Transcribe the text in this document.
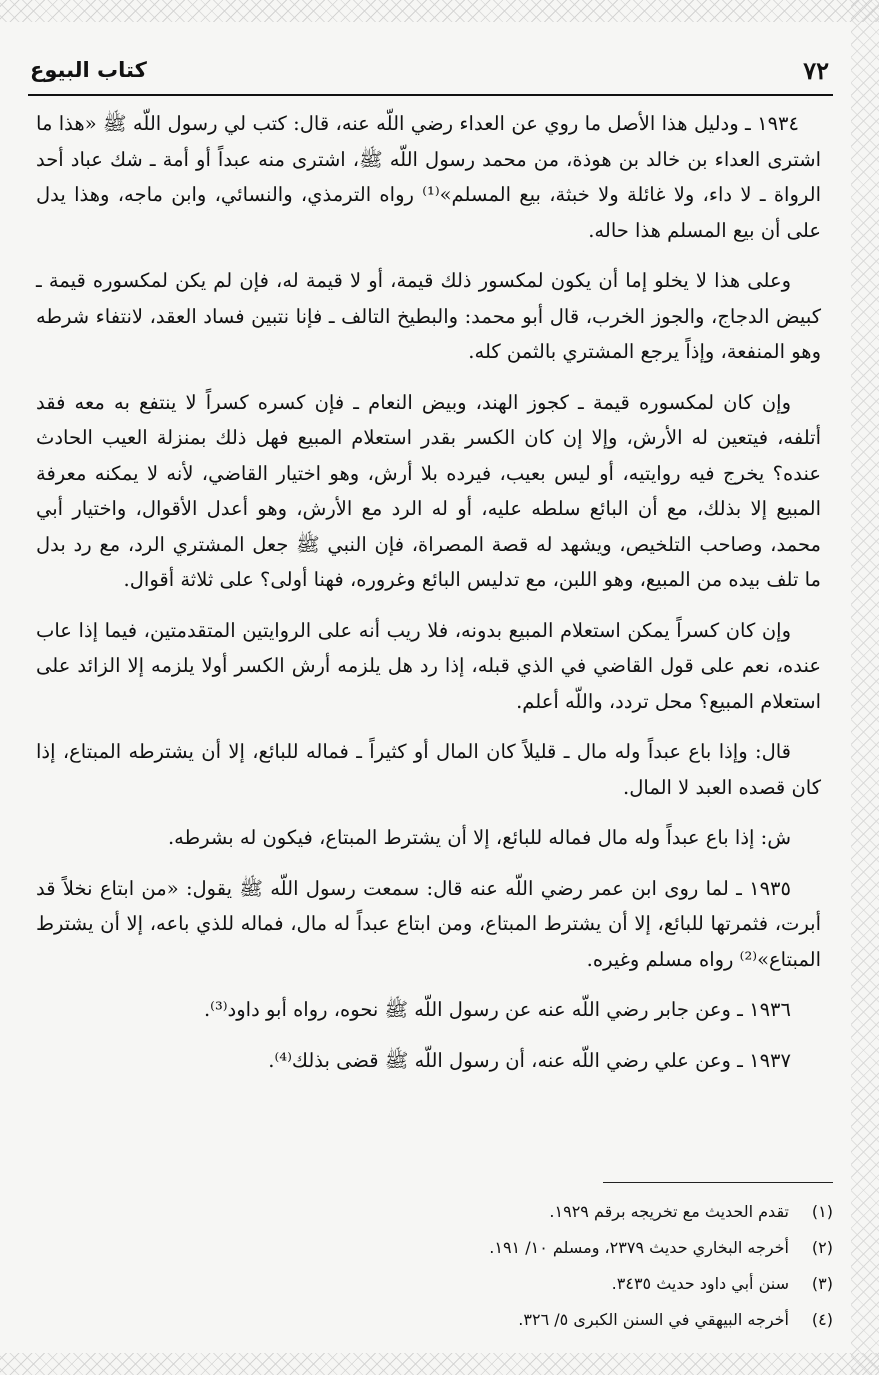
٧٢
كتاب البيوع

١٩٣٤ ـ ودليل هذا الأصل ما روي عن العداء رضي اللّه عنه، قال: كتب لي رسول اللّه ﷺ «هذا ما اشترى العداء بن خالد بن هوذة، من محمد رسول اللّه ﷺ، اشترى منه عبداً أو أمة ـ شك عباد أحد الرواة ـ لا داء، ولا غائلة ولا خبثة، بيع المسلم»⁽¹⁾ رواه الترمذي، والنسائي، وابن ماجه، وهذا يدل على أن بيع المسلم هذا حاله.

وعلى هذا لا يخلو إما أن يكون لمكسور ذلك قيمة، أو لا قيمة له، فإن لم يكن لمكسوره قيمة ـ كبيض الدجاج، والجوز الخرب، قال أبو محمد: والبطيخ التالف ـ فإنا نتبين فساد العقد، لانتفاء شرطه وهو المنفعة، وإذاً يرجع المشتري بالثمن كله.

وإن كان لمكسوره قيمة ـ كجوز الهند، وبيض النعام ـ فإن كسره كسراً لا ينتفع به معه فقد أتلفه، فيتعين له الأرش، وإلا إن كان الكسر بقدر استعلام المبيع فهل ذلك بمنزلة العيب الحادث عنده؟ يخرج فيه روايتيه، أو ليس بعيب، فيرده بلا أرش، وهو اختيار القاضي، لأنه لا يمكنه معرفة المبيع إلا بذلك، مع أن البائع سلطه عليه، أو له الرد مع الأرش، وهو أعدل الأقوال، واختيار أبي محمد، وصاحب التلخيص، ويشهد له قصة المصراة، فإن النبي ﷺ جعل المشتري الرد، مع رد بدل ما تلف بيده من المبيع، وهو اللبن، مع تدليس البائع وغروره، فهنا أولى؟ على ثلاثة أقوال.

وإن كان كسراً يمكن استعلام المبيع بدونه، فلا ريب أنه على الروايتين المتقدمتين، فيما إذا عاب عنده، نعم على قول القاضي في الذي قبله، إذا رد هل يلزمه أرش الكسر أولا يلزمه إلا الزائد على استعلام المبيع؟ محل تردد، واللّه أعلم.

قال: وإذا باع عبداً وله مال ـ قليلاً كان المال أو كثيراً ـ فماله للبائع، إلا أن يشترطه المبتاع، إذا كان قصده العبد لا المال.

ش: إذا باع عبداً وله مال فماله للبائع، إلا أن يشترط المبتاع، فيكون له بشرطه.

١٩٣٥ ـ لما روى ابن عمر رضي اللّه عنه قال: سمعت رسول اللّه ﷺ يقول: «من ابتاع نخلاً قد أبرت، فثمرتها للبائع، إلا أن يشترط المبتاع، ومن ابتاع عبداً له مال، فماله للذي باعه، إلا أن يشترط المبتاع»⁽²⁾ رواه مسلم وغيره.

١٩٣٦ ـ وعن جابر رضي اللّه عنه عن رسول اللّه ﷺ نحوه، رواه أبو داود⁽³⁾.

١٩٣٧ ـ وعن علي رضي اللّه عنه، أن رسول اللّه ﷺ قضى بذلك⁽⁴⁾.

(١)تقدم الحديث مع تخريجه برقم ١٩٢٩.
(٢)أخرجه البخاري حديث ٢٣٧٩، ومسلم ١٠/ ١٩١.
(٣)سنن أبي داود حديث ٣٤٣٥.
(٤)أخرجه البيهقي في السنن الكبرى ٥/ ٣٢٦.
